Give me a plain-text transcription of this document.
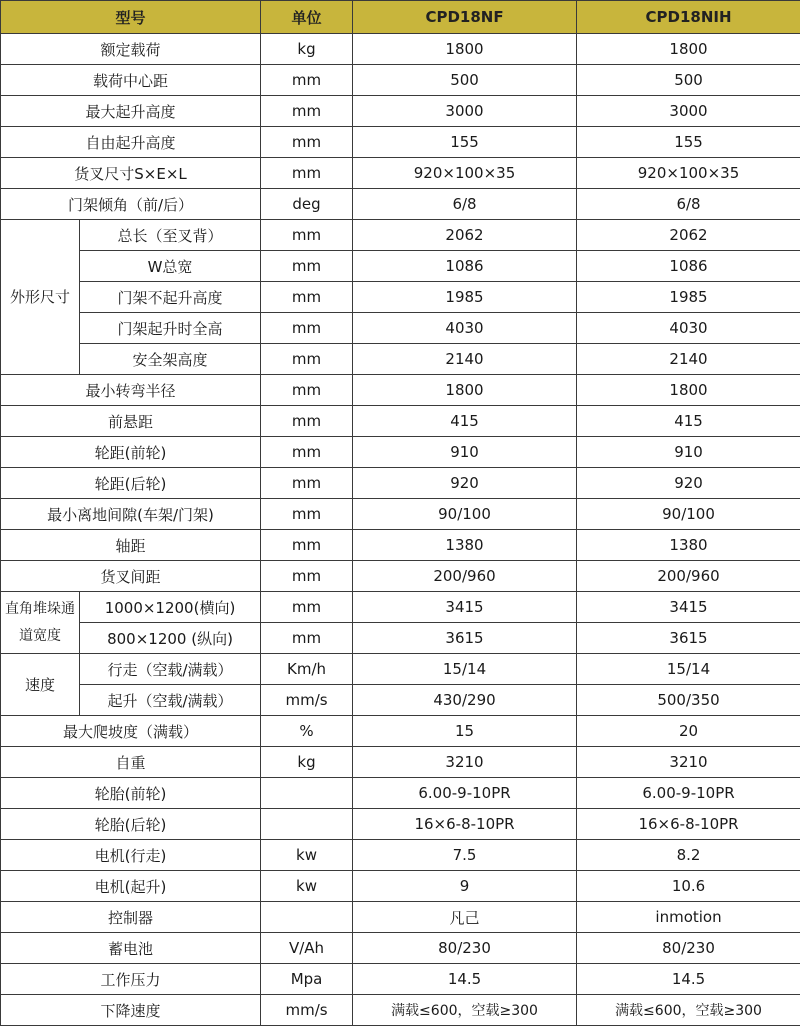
型号		单位	CPD18NF	CPD18NIH
额定载荷		kg	1800	1800
载荷中心距		mm	500	500
最大起升高度		mm	3000	3000
自由起升高度		mm	155	155
货叉尺寸S×E×L		mm	920×100×35	920×100×35
门架倾角（前/后）		deg	6/8	6/8
外形尺寸	总长（至叉背）	mm	2062	2062
	W总宽	mm	1086	1086
	门架不起升高度	mm	1985	1985
	门架起升时全高	mm	4030	4030
	安全架高度	mm	2140	2140
最小转弯半径		mm	1800	1800
前悬距		mm	415	415
轮距(前轮)		mm	910	910
轮距(后轮)		mm	920	920
最小离地间隙(车架/门架)		mm	90/100	90/100
轴距		mm	1380	1380
货叉间距		mm	200/960	200/960
直角堆垛通道宽度	1000×1200(横向)	mm	3415	3415
	800×1200 (纵向)	mm	3615	3615
速度	行走（空载/满载）	Km/h	15/14	15/14
	起升（空载/满载）	mm/s	430/290	500/350
最大爬坡度（满载）		%	15	20
自重		kg	3210	3210
轮胎(前轮)			6.00-9-10PR	6.00-9-10PR
轮胎(后轮)			16×6-8-10PR	16×6-8-10PR
电机(行走)		kw	7.5	8.2
电机(起升)		kw	9	10.6
控制器			凡己	inmotion
蓄电池		V/Ah	80/230	80/230
工作压力		Mpa	14.5	14.5
下降速度		mm/s	满载≤600，空载≥300	满载≤600，空载≥300
